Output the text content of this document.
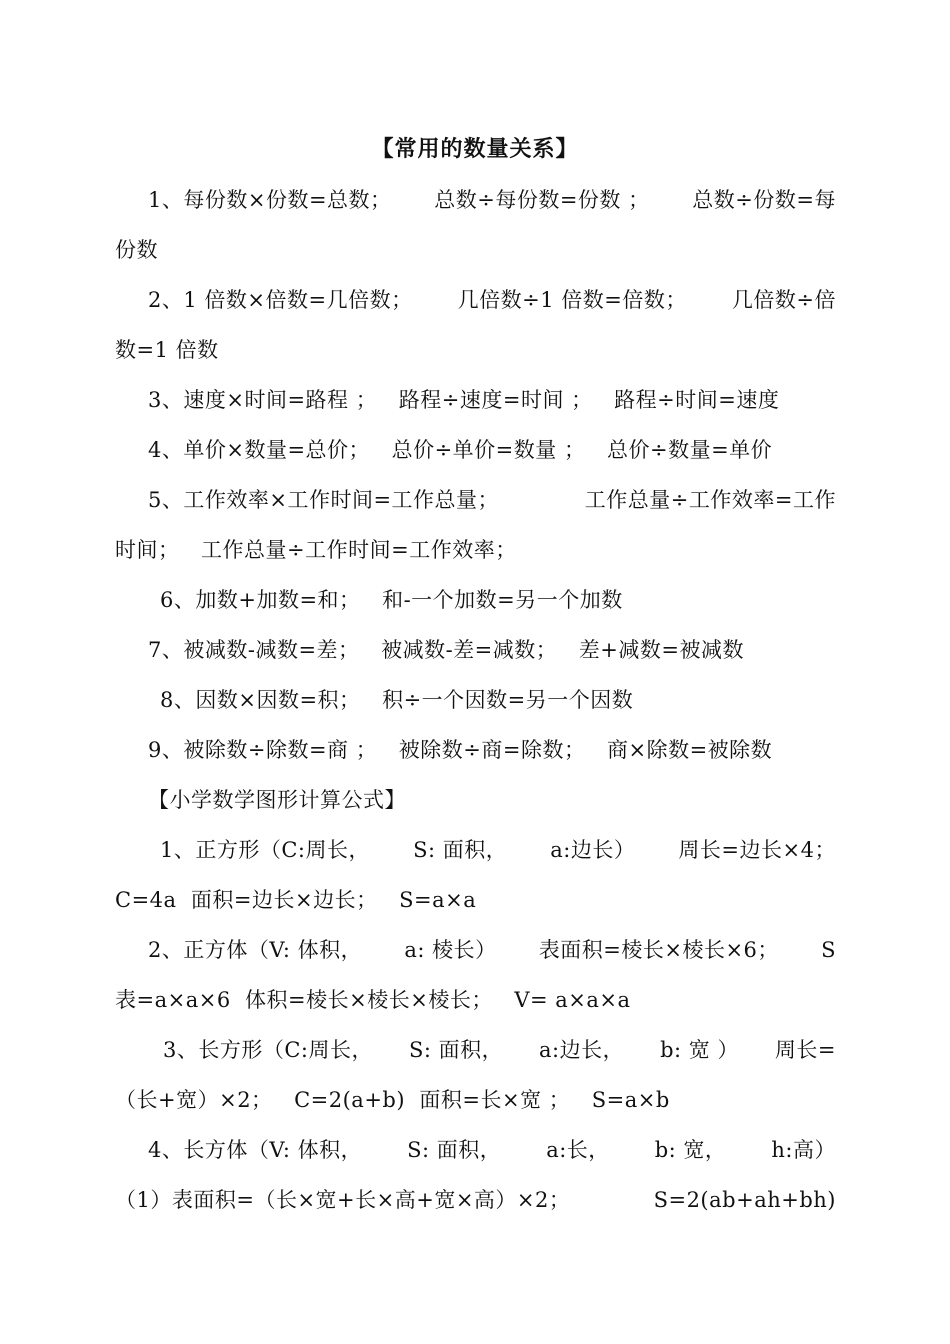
【常用的数量关系】
1、每份数×份数=总数； 总数÷每份数=份数 ； 总数÷份数=每
份数
2、1 倍数×倍数=几倍数； 几倍数÷1 倍数=倍数； 几倍数÷倍
数=1 倍数
3、速度×时间=路程 ；   路程÷速度=时间 ；   路程÷时间=速度
4、单价×数量=总价；   总价÷单价=数量 ；   总价÷数量=单价
5、工作效率×工作时间=工作总量；	工作总量÷工作效率=工作
时间；   工作总量÷工作时间=工作效率；
6、加数+加数=和；   和-一个加数=另一个加数
7、被减数-减数=差；   被减数-差=减数；   差+减数=被减数
8、因数×因数=积；   积÷一个因数=另一个因数
9、被除数÷除数=商 ；   被除数÷商=除数；   商×除数=被除数
【小学数学图形计算公式】
1、正方形（C:周长， S: 面积， a:边长） 周长=边长×4；
C=4a  面积=边长×边长；   S=a×a
2、正方体（V: 体积， a: 棱长） 表面积=棱长×棱长×6； S
表=a×a×6  体积=棱长×棱长×棱长；   V= a×a×a
3、长方形（C:周长， S: 面积， a:边长， b: 宽 ） 周长=
（长+宽）×2；   C=2(a+b)  面积=长×宽 ；   S=a×b
4、长方体（V: 体积， S: 面积， a:长， b: 宽， h:高）
（1）表面积=（长×宽+长×高+宽×高）×2；	S=2(ab+ah+bh)
